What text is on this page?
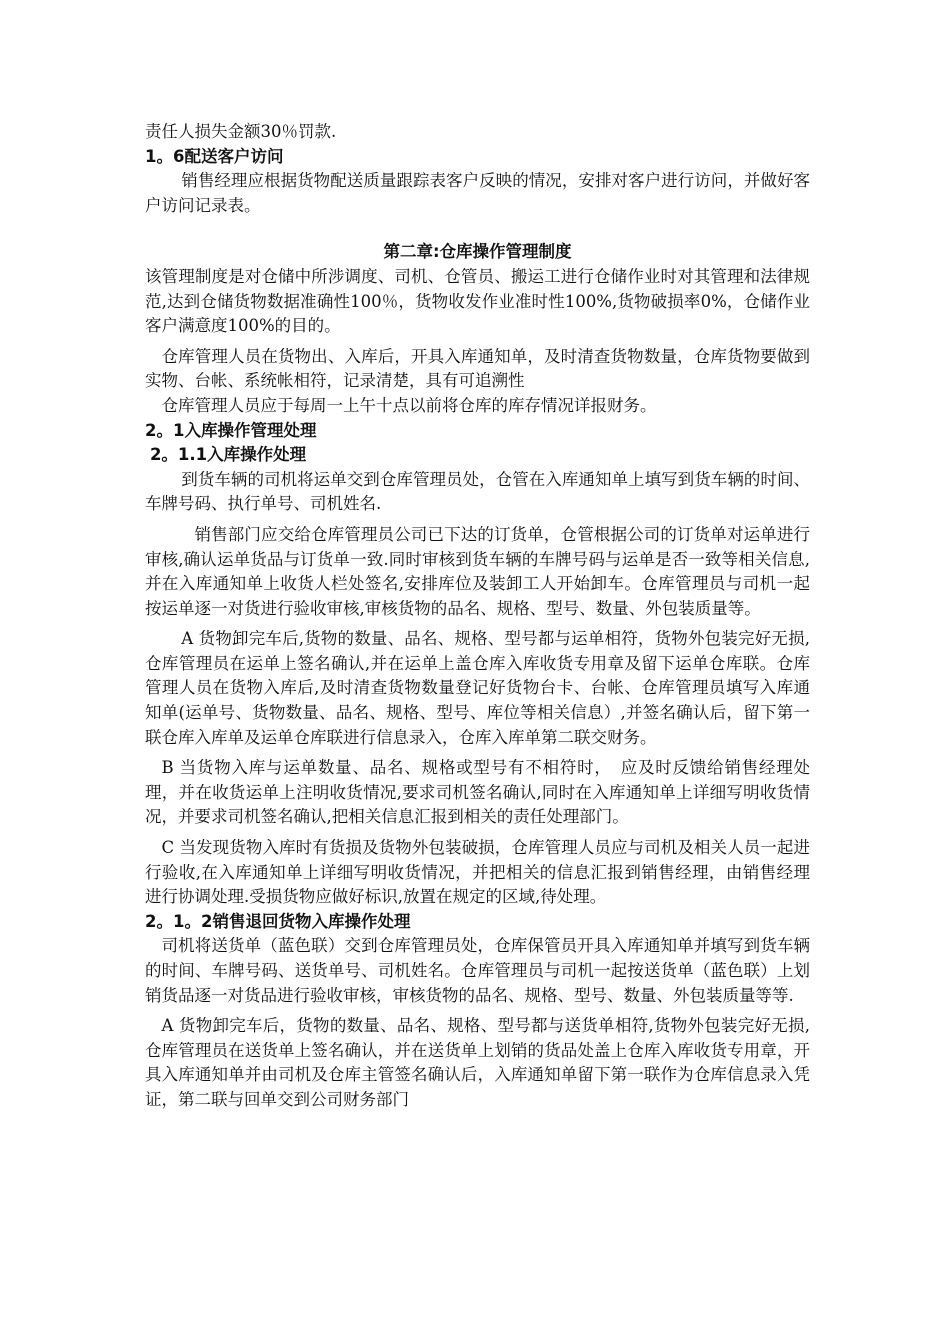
责任人损失金额30％罚款.

1。6配送客户访问

销售经理应根据货物配送质量跟踪表客户反映的情况，安排对客户进行访问，并做好客户访问记录表。

第二章:仓库操作管理制度

该管理制度是对仓储中所涉调度、司机、仓管员、搬运工进行仓储作业时对其管理和法律规范,达到仓储货物数据准确性100％，货物收发作业准时性100%,货物破损率0%，仓储作业客户满意度100%的目的。

仓库管理人员在货物出、入库后，开具入库通知单，及时清查货物数量，仓库货物要做到实物、台帐、系统帐相符，记录清楚，具有可追溯性

仓库管理人员应于每周一上午十点以前将仓库的库存情况详报财务。

2。1入库操作管理处理

2。1.1入库操作处理

到货车辆的司机将运单交到仓库管理员处，仓管在入库通知单上填写到货车辆的时间、车牌号码、执行单号、司机姓名.

销售部门应交给仓库管理员公司已下达的订货单，仓管根据公司的订货单对运单进行审核,确认运单货品与订货单一致.同时审核到货车辆的车牌号码与运单是否一致等相关信息,并在入库通知单上收货人栏处签名,安排库位及装卸工人开始卸车。仓库管理员与司机一起按运单逐一对货进行验收审核,审核货物的品名、规格、型号、数量、外包装质量等。

A 货物卸完车后,货物的数量、品名、规格、型号都与运单相符，货物外包装完好无损,仓库管理员在运单上签名确认,并在运单上盖仓库入库收货专用章及留下运单仓库联。仓库管理人员在货物入库后,及时清查货物数量登记好货物台卡、台帐、仓库管理员填写入库通知单(运单号、货物数量、品名、规格、型号、库位等相关信息）,并签名确认后，留下第一联仓库入库单及运单仓库联进行信息录入，仓库入库单第二联交财务。

B 当货物入库与运单数量、品名、规格或型号有不相符时，　应及时反馈给销售经理处理，并在收货运单上注明收货情况,要求司机签名确认,同时在入库通知单上详细写明收货情况，并要求司机签名确认,把相关信息汇报到相关的责任处理部门。

C 当发现货物入库时有货损及货物外包装破损，仓库管理人员应与司机及相关人员一起进行验收,在入库通知单上详细写明收货情况，并把相关的信息汇报到销售经理，由销售经理进行协调处理.受损货物应做好标识,放置在规定的区域,待处理。

2。1。2销售退回货物入库操作处理

司机将送货单（蓝色联）交到仓库管理员处，仓库保管员开具入库通知单并填写到货车辆的时间、车牌号码、送货单号、司机姓名。仓库管理员与司机一起按送货单（蓝色联）上划销货品逐一对货品进行验收审核，审核货物的品名、规格、型号、数量、外包装质量等等.

A 货物卸完车后，货物的数量、品名、规格、型号都与送货单相符,货物外包装完好无损,仓库管理员在送货单上签名确认，并在送货单上划销的货品处盖上仓库入库收货专用章，开具入库通知单并由司机及仓库主管签名确认后，入库通知单留下第一联作为仓库信息录入凭证，第二联与回单交到公司财务部门
